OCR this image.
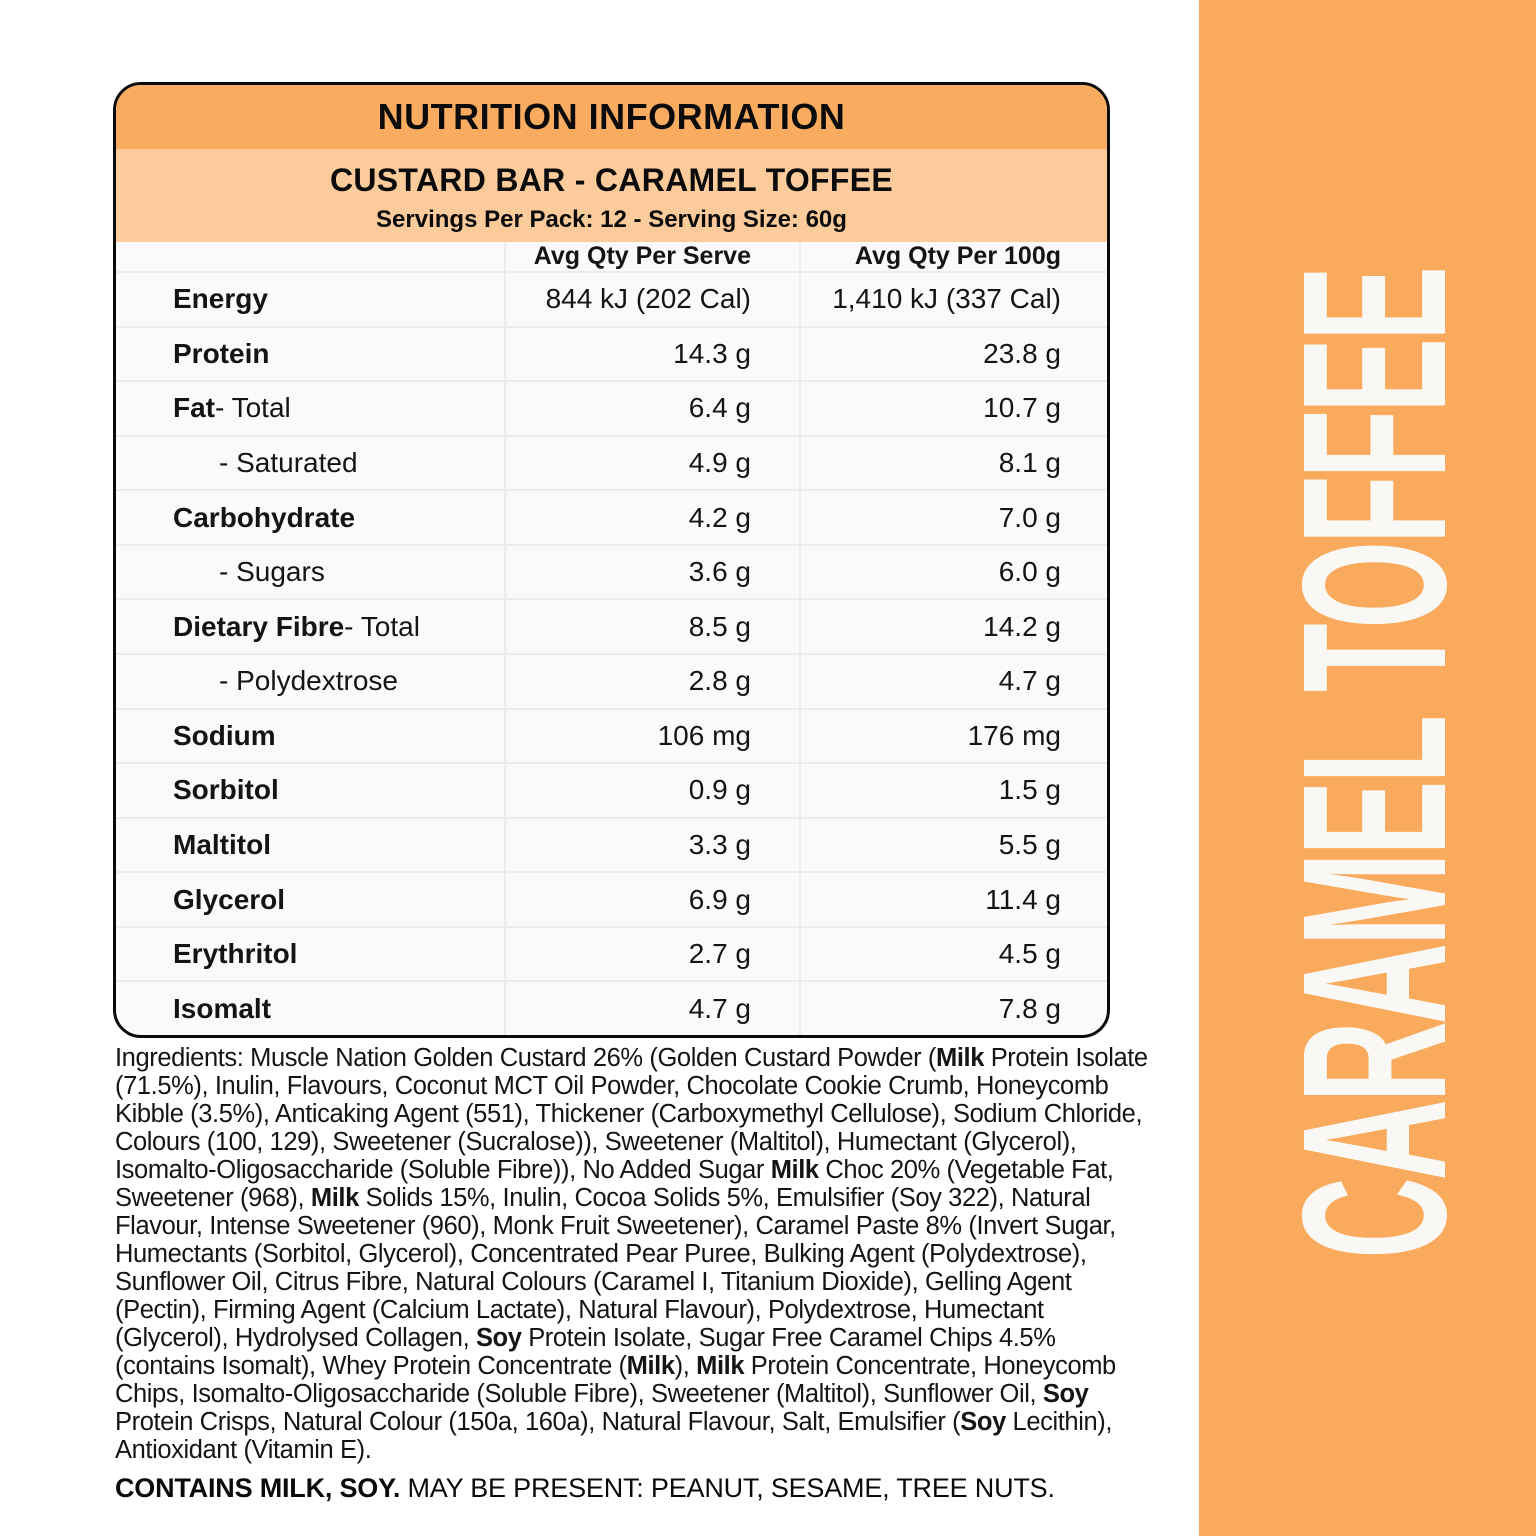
NUTRITION INFORMATION
CUSTARD BAR - CARAMEL TOFFEE
Servings Per Pack: 12 - Serving Size: 60g
Avg Qty Per Serve	Avg Qty Per 100g
Energy	844 kJ (202 Cal)	1,410 kJ (337 Cal)
Protein	14.3 g	23.8 g
Fat - Total	6.4 g	10.7 g
- Saturated	4.9 g	8.1 g
Carbohydrate	4.2 g	7.0 g
- Sugars	3.6 g	6.0 g
Dietary Fibre - Total	8.5 g	14.2 g
- Polydextrose	2.8 g	4.7 g
Sodium	106 mg	176 mg
Sorbitol	0.9 g	1.5 g
Maltitol	3.3 g	5.5 g
Glycerol	6.9 g	11.4 g
Erythritol	2.7 g	4.5 g
Isomalt	4.7 g	7.8 g
Ingredients: Muscle Nation Golden Custard 26% (Golden Custard Powder (Milk Protein Isolate (71.5%), Inulin, Flavours, Coconut MCT Oil Powder, Chocolate Cookie Crumb, Honeycomb Kibble (3.5%), Anticaking Agent (551), Thickener (Carboxymethyl Cellulose), Sodium Chloride, Colours (100, 129), Sweetener (Sucralose)), Sweetener (Maltitol), Humectant (Glycerol), Isomalto-Oligosaccharide (Soluble Fibre)), No Added Sugar Milk Choc 20% (Vegetable Fat, Sweetener (968), Milk Solids 15%, Inulin, Cocoa Solids 5%, Emulsifier (Soy 322), Natural Flavour, Intense Sweetener (960), Monk Fruit Sweetener), Caramel Paste 8% (Invert Sugar, Humectants (Sorbitol, Glycerol), Concentrated Pear Puree, Bulking Agent (Polydextrose), Sunflower Oil, Citrus Fibre, Natural Colours (Caramel I, Titanium Dioxide), Gelling Agent (Pectin), Firming Agent (Calcium Lactate), Natural Flavour), Polydextrose, Humectant (Glycerol), Hydrolysed Collagen, Soy Protein Isolate, Sugar Free Caramel Chips 4.5% (contains Isomalt), Whey Protein Concentrate (Milk), Milk Protein Concentrate, Honeycomb Chips, Isomalto-Oligosaccharide (Soluble Fibre), Sweetener (Maltitol), Sunflower Oil, Soy Protein Crisps, Natural Colour (150a, 160a), Natural Flavour, Salt, Emulsifier (Soy Lecithin), Antioxidant (Vitamin E).
CONTAINS MILK, SOY. MAY BE PRESENT: PEANUT, SESAME, TREE NUTS.
CARAMEL TOFFEE
